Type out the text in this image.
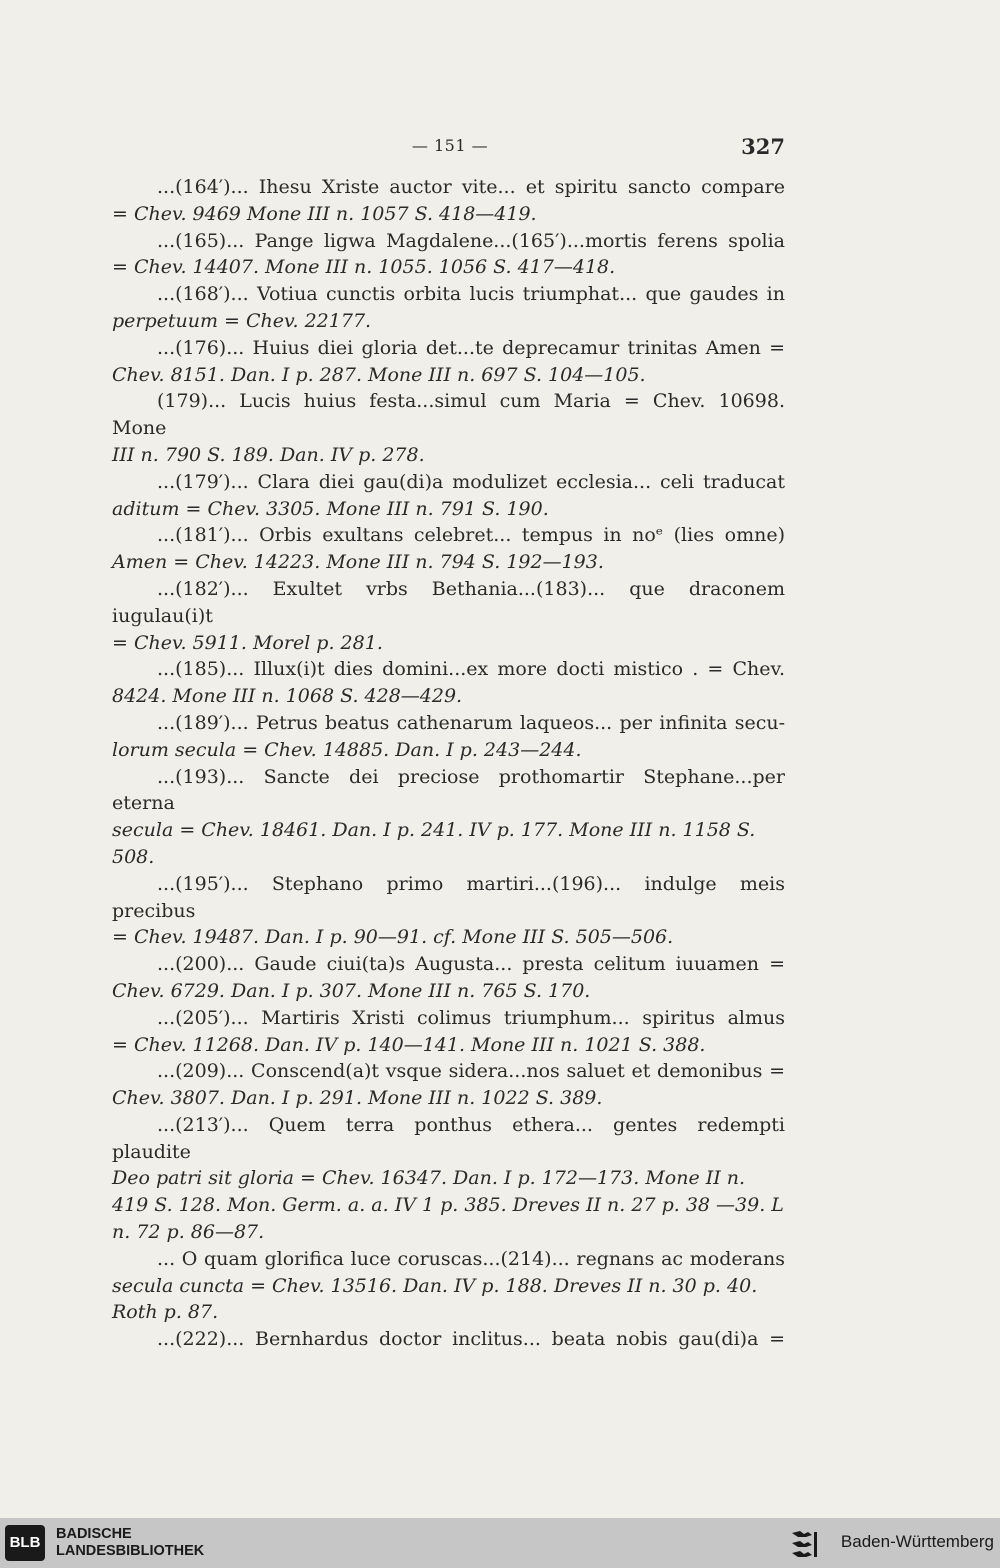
— 151 —	327
...(164′)... Ihesu Xriste auctor vite... et spiritu sancto compare
= Chev. 9469 Mone III n. 1057 S. 418—419.
...(165)... Pange ligwa Magdalene...(165′)...mortis ferens spolia
= Chev. 14407. Mone III n. 1055. 1056 S. 417—418.
...(168′)... Votiua cunctis orbita lucis triumphat... que gaudes in
perpetuum = Chev. 22177.
...(176)... Huius diei gloria det...te deprecamur trinitas Amen =
Chev. 8151. Dan. I p. 287. Mone III n. 697 S. 104—105.
(179)... Lucis huius festa...simul cum Maria = Chev. 10698. Mone
III n. 790 S. 189. Dan. IV p. 278.
...(179′)... Clara diei gau(di)a modulizet ecclesia... celi traducat
aditum = Chev. 3305. Mone III n. 791 S. 190.
...(181′)... Orbis exultans celebret... tempus in noᵉ (lies omne)
Amen = Chev. 14223. Mone III n. 794 S. 192—193.
...(182′)... Exultet vrbs Bethania...(183)... que draconem iugulau(i)t
= Chev. 5911. Morel p. 281.
...(185)... Illux(i)t dies domini...ex more docti mistico . = Chev.
8424. Mone III n. 1068 S. 428—429.
...(189′)... Petrus beatus cathenarum laqueos... per infinita secu-
lorum secula = Chev. 14885. Dan. I p. 243—244.
...(193)... Sancte dei preciose prothomartir Stephane...per eterna
secula = Chev. 18461. Dan. I p. 241. IV p. 177. Mone III n. 1158 S. 508.
...(195′)... Stephano primo martiri...(196)... indulge meis precibus
= Chev. 19487. Dan. I p. 90—91. cf. Mone III S. 505—506.
...(200)... Gaude ciui(ta)s Augusta... presta celitum iuuamen =
Chev. 6729. Dan. I p. 307. Mone III n. 765 S. 170.
...(205′)... Martiris Xristi colimus triumphum... spiritus almus
= Chev. 11268. Dan. IV p. 140—141. Mone III n. 1021 S. 388.
...(209)... Conscend(a)t vsque sidera...nos saluet et demonibus =
Chev. 3807. Dan. I p. 291. Mone III n. 1022 S. 389.
...(213′)... Quem terra ponthus ethera... gentes redempti plaudite
Deo patri sit gloria = Chev. 16347. Dan. I p. 172—173. Mone II n. 419 S. 128. Mon. Germ. a. a. IV 1 p. 385. Dreves II n. 27 p. 38 —39. L n. 72 p. 86—87.
... O quam glorifica luce coruscas...(214)... regnans ac moderans
secula cuncta = Chev. 13516. Dan. IV p. 188. Dreves II n. 30 p. 40. Roth p. 87.
...(222)... Bernhardus doctor inclitus... beata nobis gau(di)a =
BLB	BADISCHE
LANDESBIBLIOTHEK	Baden-Württemberg
